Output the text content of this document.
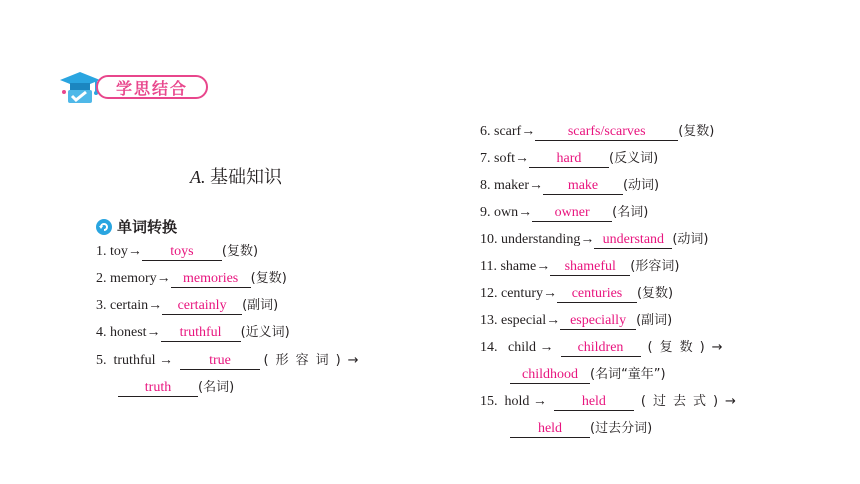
学思结合
A. 基础知识
单词转换
1. toy→ toys (复数)
2. memory→ memories (复数)
3. certain→ certainly (副词)
4. honest→ truthful (近义词)
5. truthful →	true	(形容词)→
truth (名词)
6. scarf→ scarfs/scarves	(复数)
7. soft→ hard (反义词)
8. maker→ make (动词)
9. own→ owner (名词)
10. understanding→ understand (动词)
11. shame→ shameful (形容词)
12. century→ centuries (复数)
13. especial→ especially (副词)
14. child → children (复数)→
childhood (名词“童年”)
15. hold → held	(过去式)→
held (过去分词)
